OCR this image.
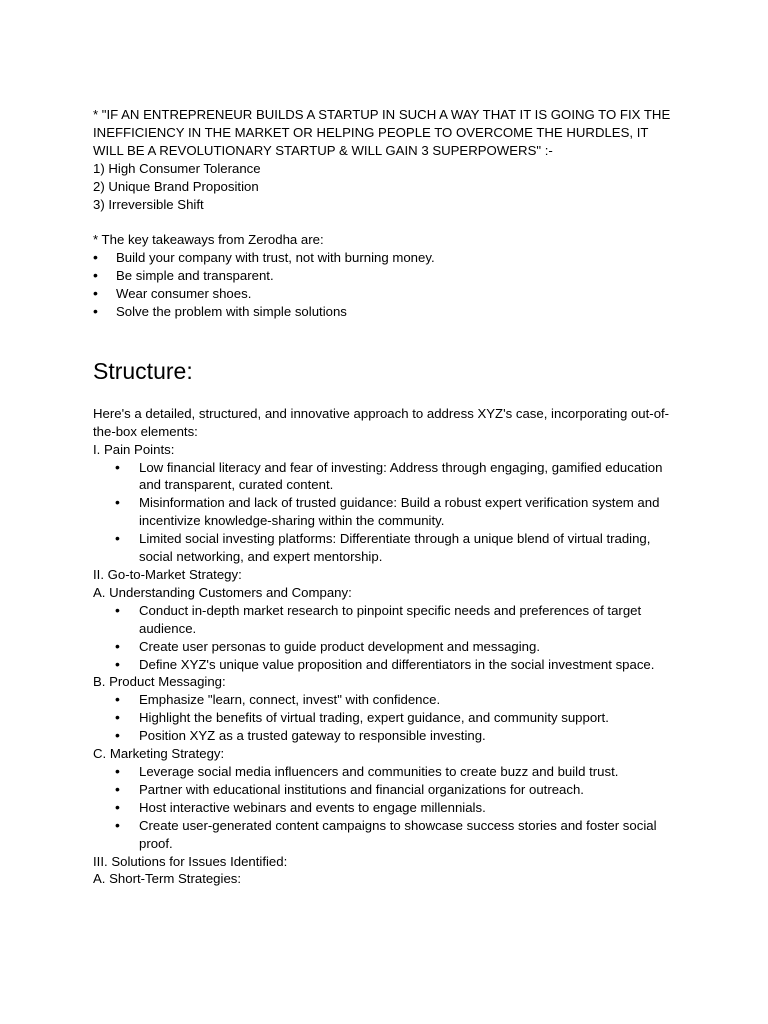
* "IF AN ENTREPRENEUR BUILDS A STARTUP IN SUCH A WAY THAT IT IS GOING TO FIX THE INEFFICIENCY IN THE MARKET OR HELPING PEOPLE TO OVERCOME THE HURDLES, IT WILL BE A REVOLUTIONARY STARTUP & WILL GAIN 3 SUPERPOWERS" :-

1) High Consumer Tolerance

2) Unique Brand Proposition

3) Irreversible Shift

* The key takeaways from Zerodha are:

• Build your company with trust, not with burning money.
• Be simple and transparent.
• Wear consumer shoes.
• Solve the problem with simple solutions
Structure:

Here's a detailed, structured, and innovative approach to address XYZ's case, incorporating out-of-the-box elements:

I. Pain Points:

• Low financial literacy and fear of investing: Address through engaging, gamified education and transparent, curated content.
• Misinformation and lack of trusted guidance: Build a robust expert verification system and incentivize knowledge-sharing within the community.
• Limited social investing platforms: Differentiate through a unique blend of virtual trading, social networking, and expert mentorship.

II. Go-to-Market Strategy:

A. Understanding Customers and Company:

• Conduct in-depth market research to pinpoint specific needs and preferences of target audience.
• Create user personas to guide product development and messaging.
• Define XYZ's unique value proposition and differentiators in the social investment space.

B. Product Messaging:

• Emphasize "learn, connect, invest" with confidence.
• Highlight the benefits of virtual trading, expert guidance, and community support.
• Position XYZ as a trusted gateway to responsible investing.

C. Marketing Strategy:

• Leverage social media influencers and communities to create buzz and build trust.
• Partner with educational institutions and financial organizations for outreach.
• Host interactive webinars and events to engage millennials.
• Create user-generated content campaigns to showcase success stories and foster social proof.

III. Solutions for Issues Identified:

A. Short-Term Strategies:
